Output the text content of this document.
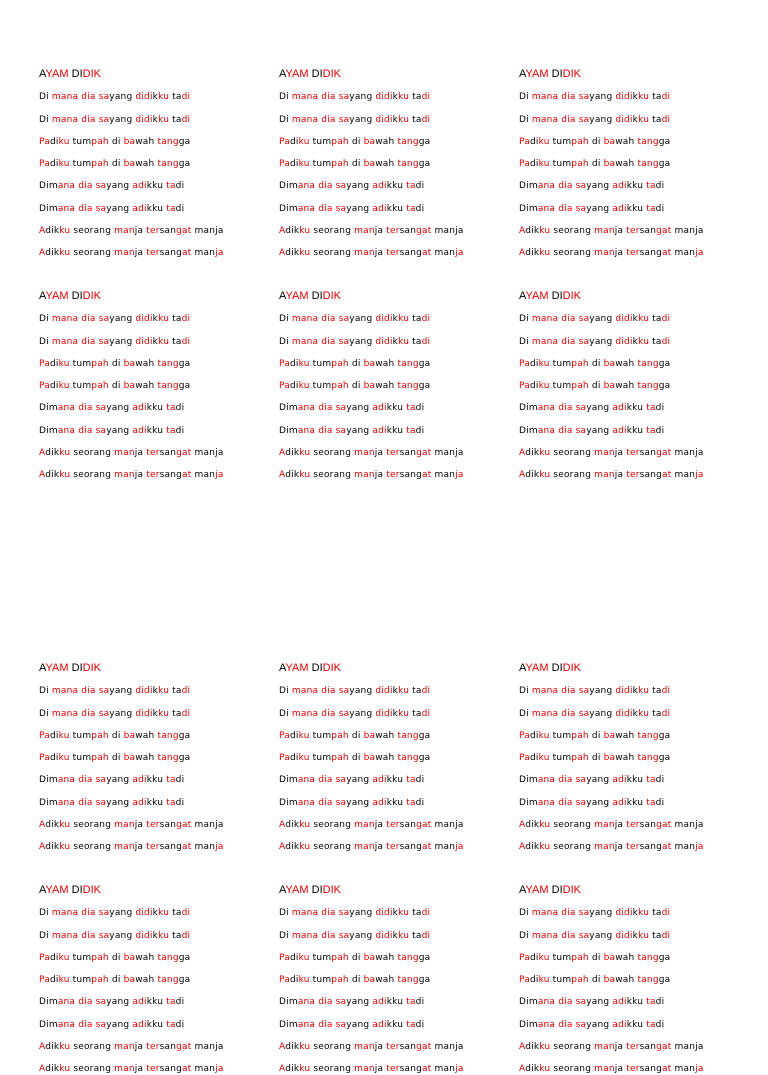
AYAM DIDIK
Di mana dia sayang didikku tadi
Di mana dia sayang didikku tadi
Padiku tumpah di bawah tangga
Padiku tumpah di bawah tangga
Dimana dia sayang adikku tadi
Dimana dia sayang adikku tadi
Adikku seorang manja tersangat manja
Adikku seorang manja tersangat manja
AYAM DIDIK
Di mana dia sayang didikku tadi
Di mana dia sayang didikku tadi
Padiku tumpah di bawah tangga
Padiku tumpah di bawah tangga
Dimana dia sayang adikku tadi
Dimana dia sayang adikku tadi
Adikku seorang manja tersangat manja
Adikku seorang manja tersangat manja
AYAM DIDIK
Di mana dia sayang didikku tadi
Di mana dia sayang didikku tadi
Padiku tumpah di bawah tangga
Padiku tumpah di bawah tangga
Dimana dia sayang adikku tadi
Dimana dia sayang adikku tadi
Adikku seorang manja tersangat manja
Adikku seorang manja tersangat manja
AYAM DIDIK
Di mana dia sayang didikku tadi
Di mana dia sayang didikku tadi
Padiku tumpah di bawah tangga
Padiku tumpah di bawah tangga
Dimana dia sayang adikku tadi
Dimana dia sayang adikku tadi
Adikku seorang manja tersangat manja
Adikku seorang manja tersangat manja
AYAM DIDIK
Di mana dia sayang didikku tadi
Di mana dia sayang didikku tadi
Padiku tumpah di bawah tangga
Padiku tumpah di bawah tangga
Dimana dia sayang adikku tadi
Dimana dia sayang adikku tadi
Adikku seorang manja tersangat manja
Adikku seorang manja tersangat manja
AYAM DIDIK
Di mana dia sayang didikku tadi
Di mana dia sayang didikku tadi
Padiku tumpah di bawah tangga
Padiku tumpah di bawah tangga
Dimana dia sayang adikku tadi
Dimana dia sayang adikku tadi
Adikku seorang manja tersangat manja
Adikku seorang manja tersangat manja
AYAM DIDIK
Di mana dia sayang didikku tadi
Di mana dia sayang didikku tadi
Padiku tumpah di bawah tangga
Padiku tumpah di bawah tangga
Dimana dia sayang adikku tadi
Dimana dia sayang adikku tadi
Adikku seorang manja tersangat manja
Adikku seorang manja tersangat manja
AYAM DIDIK
Di mana dia sayang didikku tadi
Di mana dia sayang didikku tadi
Padiku tumpah di bawah tangga
Padiku tumpah di bawah tangga
Dimana dia sayang adikku tadi
Dimana dia sayang adikku tadi
Adikku seorang manja tersangat manja
Adikku seorang manja tersangat manja
AYAM DIDIK
Di mana dia sayang didikku tadi
Di mana dia sayang didikku tadi
Padiku tumpah di bawah tangga
Padiku tumpah di bawah tangga
Dimana dia sayang adikku tadi
Dimana dia sayang adikku tadi
Adikku seorang manja tersangat manja
Adikku seorang manja tersangat manja
AYAM DIDIK
Di mana dia sayang didikku tadi
Di mana dia sayang didikku tadi
Padiku tumpah di bawah tangga
Padiku tumpah di bawah tangga
Dimana dia sayang adikku tadi
Dimana dia sayang adikku tadi
Adikku seorang manja tersangat manja
Adikku seorang manja tersangat manja
AYAM DIDIK
Di mana dia sayang didikku tadi
Di mana dia sayang didikku tadi
Padiku tumpah di bawah tangga
Padiku tumpah di bawah tangga
Dimana dia sayang adikku tadi
Dimana dia sayang adikku tadi
Adikku seorang manja tersangat manja
Adikku seorang manja tersangat manja
AYAM DIDIK
Di mana dia sayang didikku tadi
Di mana dia sayang didikku tadi
Padiku tumpah di bawah tangga
Padiku tumpah di bawah tangga
Dimana dia sayang adikku tadi
Dimana dia sayang adikku tadi
Adikku seorang manja tersangat manja
Adikku seorang manja tersangat manja
